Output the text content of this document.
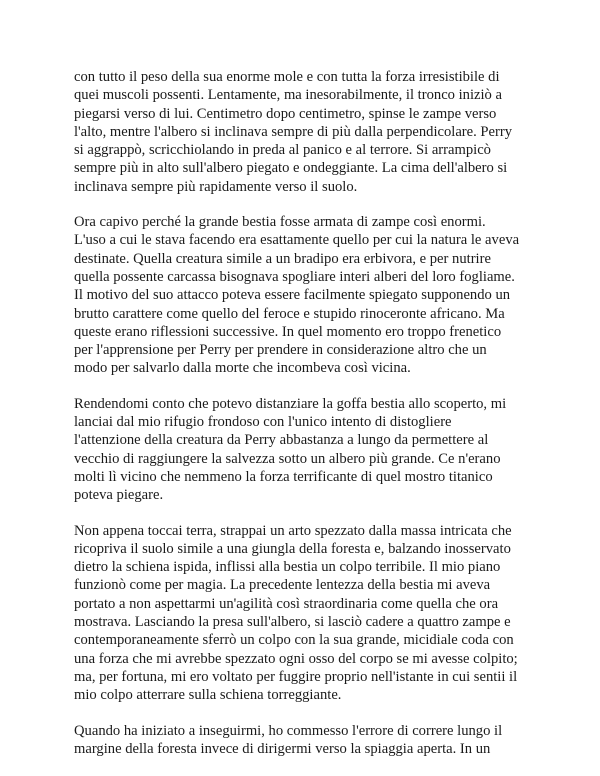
con tutto il peso della sua enorme mole e con tutta la forza irresistibile di
quei muscoli possenti. Lentamente, ma inesorabilmente, il tronco iniziò a
piegarsi verso di lui. Centimetro dopo centimetro, spinse le zampe verso
l'alto, mentre l'albero si inclinava sempre di più dalla perpendicolare. Perry
si aggrappò, scricchiolando in preda al panico e al terrore. Si arrampicò
sempre più in alto sull'albero piegato e ondeggiante. La cima dell'albero si
inclinava sempre più rapidamente verso il suolo.

Ora capivo perché la grande bestia fosse armata di zampe così enormi.
L'uso a cui le stava facendo era esattamente quello per cui la natura le aveva
destinate. Quella creatura simile a un bradipo era erbivora, e per nutrire
quella possente carcassa bisognava spogliare interi alberi del loro fogliame.
Il motivo del suo attacco poteva essere facilmente spiegato supponendo un
brutto carattere come quello del feroce e stupido rinoceronte africano. Ma
queste erano riflessioni successive. In quel momento ero troppo frenetico
per l'apprensione per Perry per prendere in considerazione altro che un
modo per salvarlo dalla morte che incombeva così vicina.

Rendendomi conto che potevo distanziare la goffa bestia allo scoperto, mi
lanciai dal mio rifugio frondoso con l'unico intento di distogliere
l'attenzione della creatura da Perry abbastanza a lungo da permettere al
vecchio di raggiungere la salvezza sotto un albero più grande. Ce n'erano
molti lì vicino che nemmeno la forza terrificante di quel mostro titanico
poteva piegare.

Non appena toccai terra, strappai un arto spezzato dalla massa intricata che
ricopriva il suolo simile a una giungla della foresta e, balzando inosservato
dietro la schiena ispida, inflissi alla bestia un colpo terribile. Il mio piano
funzionò come per magia. La precedente lentezza della bestia mi aveva
portato a non aspettarmi un'agilità così straordinaria come quella che ora
mostrava. Lasciando la presa sull'albero, si lasciò cadere a quattro zampe e
contemporaneamente sferrò un colpo con la sua grande, micidiale coda con
una forza che mi avrebbe spezzato ogni osso del corpo se mi avesse colpito;
ma, per fortuna, mi ero voltato per fuggire proprio nell'istante in cui sentii il
mio colpo atterrare sulla schiena torreggiante.

Quando ha iniziato a inseguirmi, ho commesso l'errore di correre lungo il
margine della foresta invece di dirigermi verso la spiaggia aperta. In un
